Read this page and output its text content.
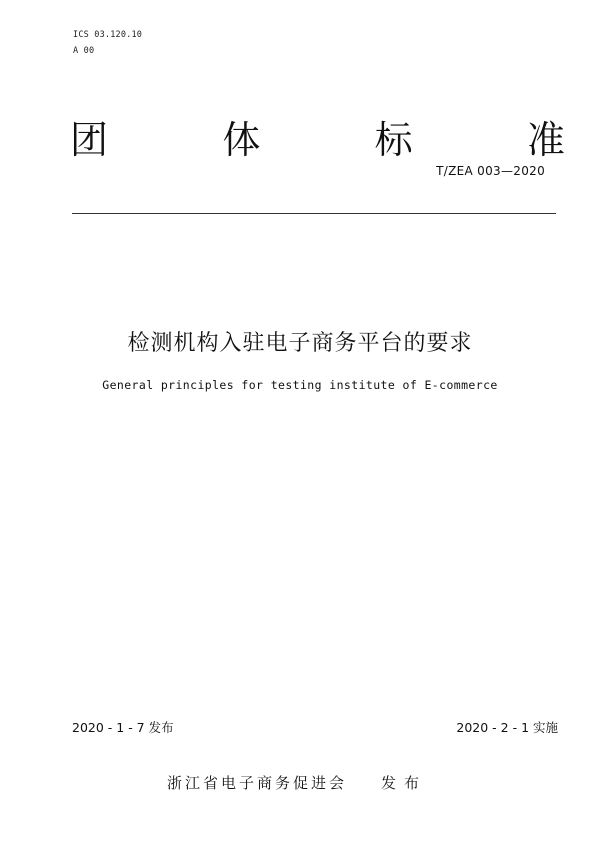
ICS 03.120.10
A 00
团	体	标	准
T/ZEA 003—2020
检测机构入驻电子商务平台的要求
General principles for testing institute of E-commerce
2020 - 1 - 7 发布	2020 - 2 - 1 实施
浙江省电子商务促进会 发布
